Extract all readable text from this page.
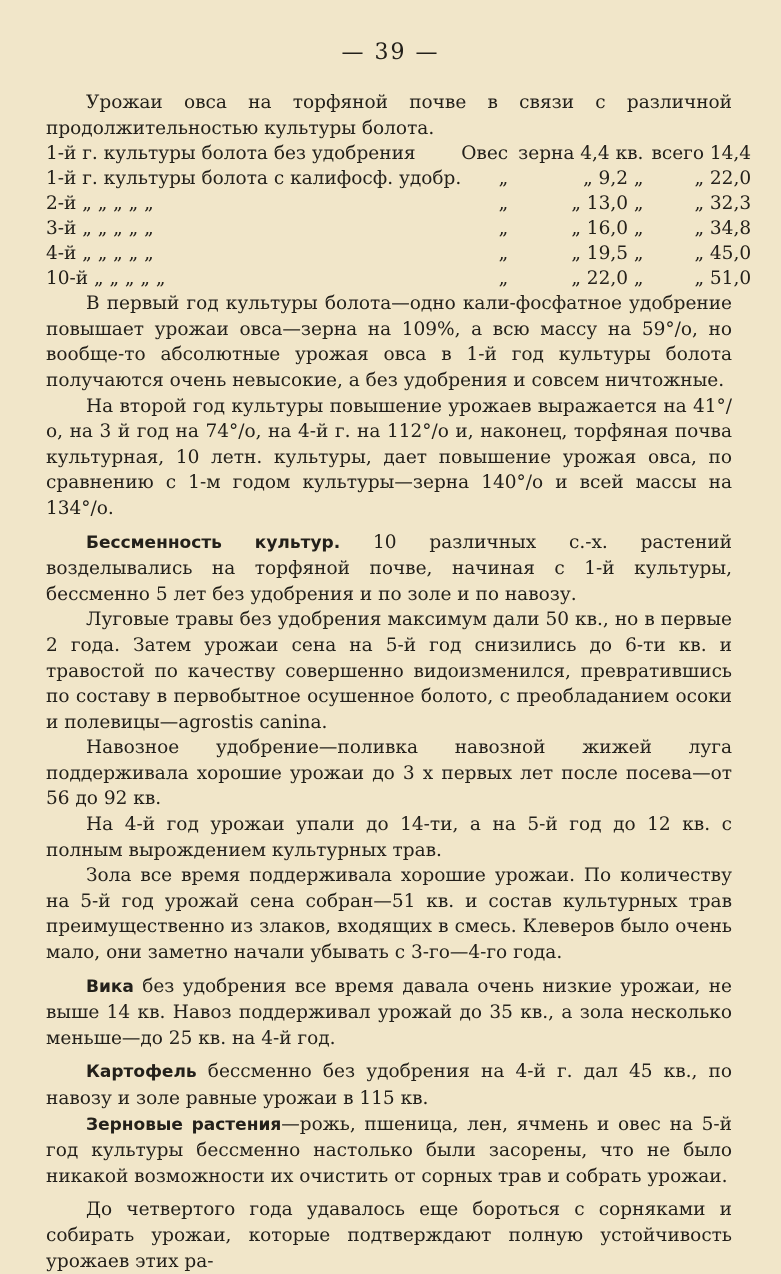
— 39 —

Урожаи овса на торфяной почве в связи с различной продолжительностью культуры болота.

1-й г. культуры болота без удобрения	Овес	зерна 4,4 кв.	всего 14,4
1-й г. культуры болота с калифосф. удобр.	„	„ 9,2 „	„ 22,0
2-й „ „ „ „ „	„	„ 13,0 „	„ 32,3
3-й „ „ „ „ „	„	„ 16,0 „	„ 34,8
4-й „ „ „ „ „	„	„ 19,5 „	„ 45,0
10-й „ „ „ „ „	„	„ 22,0 „	„ 51,0

В первый год культуры болота—одно кали-фосфатное удобрение повышает урожаи овса—зерна на 109%, а всю массу на 59°/о, но вообще-то абсолютные урожая овса в 1-й год культуры болота получаются очень невысокие, а без удобрения и совсем ничтожные.

На второй год культуры повышение урожаев выражается на 41°/о, на 3 й год на 74°/о, на 4-й г. на 112°/о и, наконец, торфяная почва культурная, 10 летн. культуры, дает повышение урожая овса, по сравнению с 1-м годом культуры—зерна 140°/о и всей массы на 134°/о.

Бессменность культур. 10 различных с.-х. растений возделывались на торфяной почве, начиная с 1-й культуры, бессменно 5 лет без удобрения и по золе и по навозу.

Луговые травы без удобрения максимум дали 50 кв., но в первые 2 года. Затем урожаи сена на 5-й год снизились до 6-ти кв. и травостой по качеству совершенно видоизменился, превратившись по составу в первобытное осушенное болото, с преобладанием осоки и полевицы—agrostis canina.

Навозное удобрение—поливка навозной жижей луга поддерживала хорошие урожаи до 3 х первых лет после посева—от 56 до 92 кв.

На 4-й год урожаи упали до 14-ти, а на 5-й год до 12 кв. с полным вырождением культурных трав.

Зола все время поддерживала хорошие урожаи. По количеству на 5-й год урожай сена собран—51 кв. и состав культурных трав преимущественно из злаков, входящих в смесь. Клеверов было очень мало, они заметно начали убывать с 3-го—4-го года.

Вика без удобрения все время давала очень низкие урожаи, не выше 14 кв. Навоз поддерживал урожай до 35 кв., а зола несколько меньше—до 25 кв. на 4-й год.

Картофель бессменно без удобрения на 4-й г. дал 45 кв., по навозу и золе равные урожаи в 115 кв.

Зерновые растения—рожь, пшеница, лен, ячмень и овес на 5-й год культуры бессменно настолько были засорены, что не было никакой возможности их очистить от сорных трав и собрать урожаи.

До четвертого года удавалось еще бороться с сорняками и собирать урожаи, которые подтверждают полную устойчивость урожаев этих ра-
